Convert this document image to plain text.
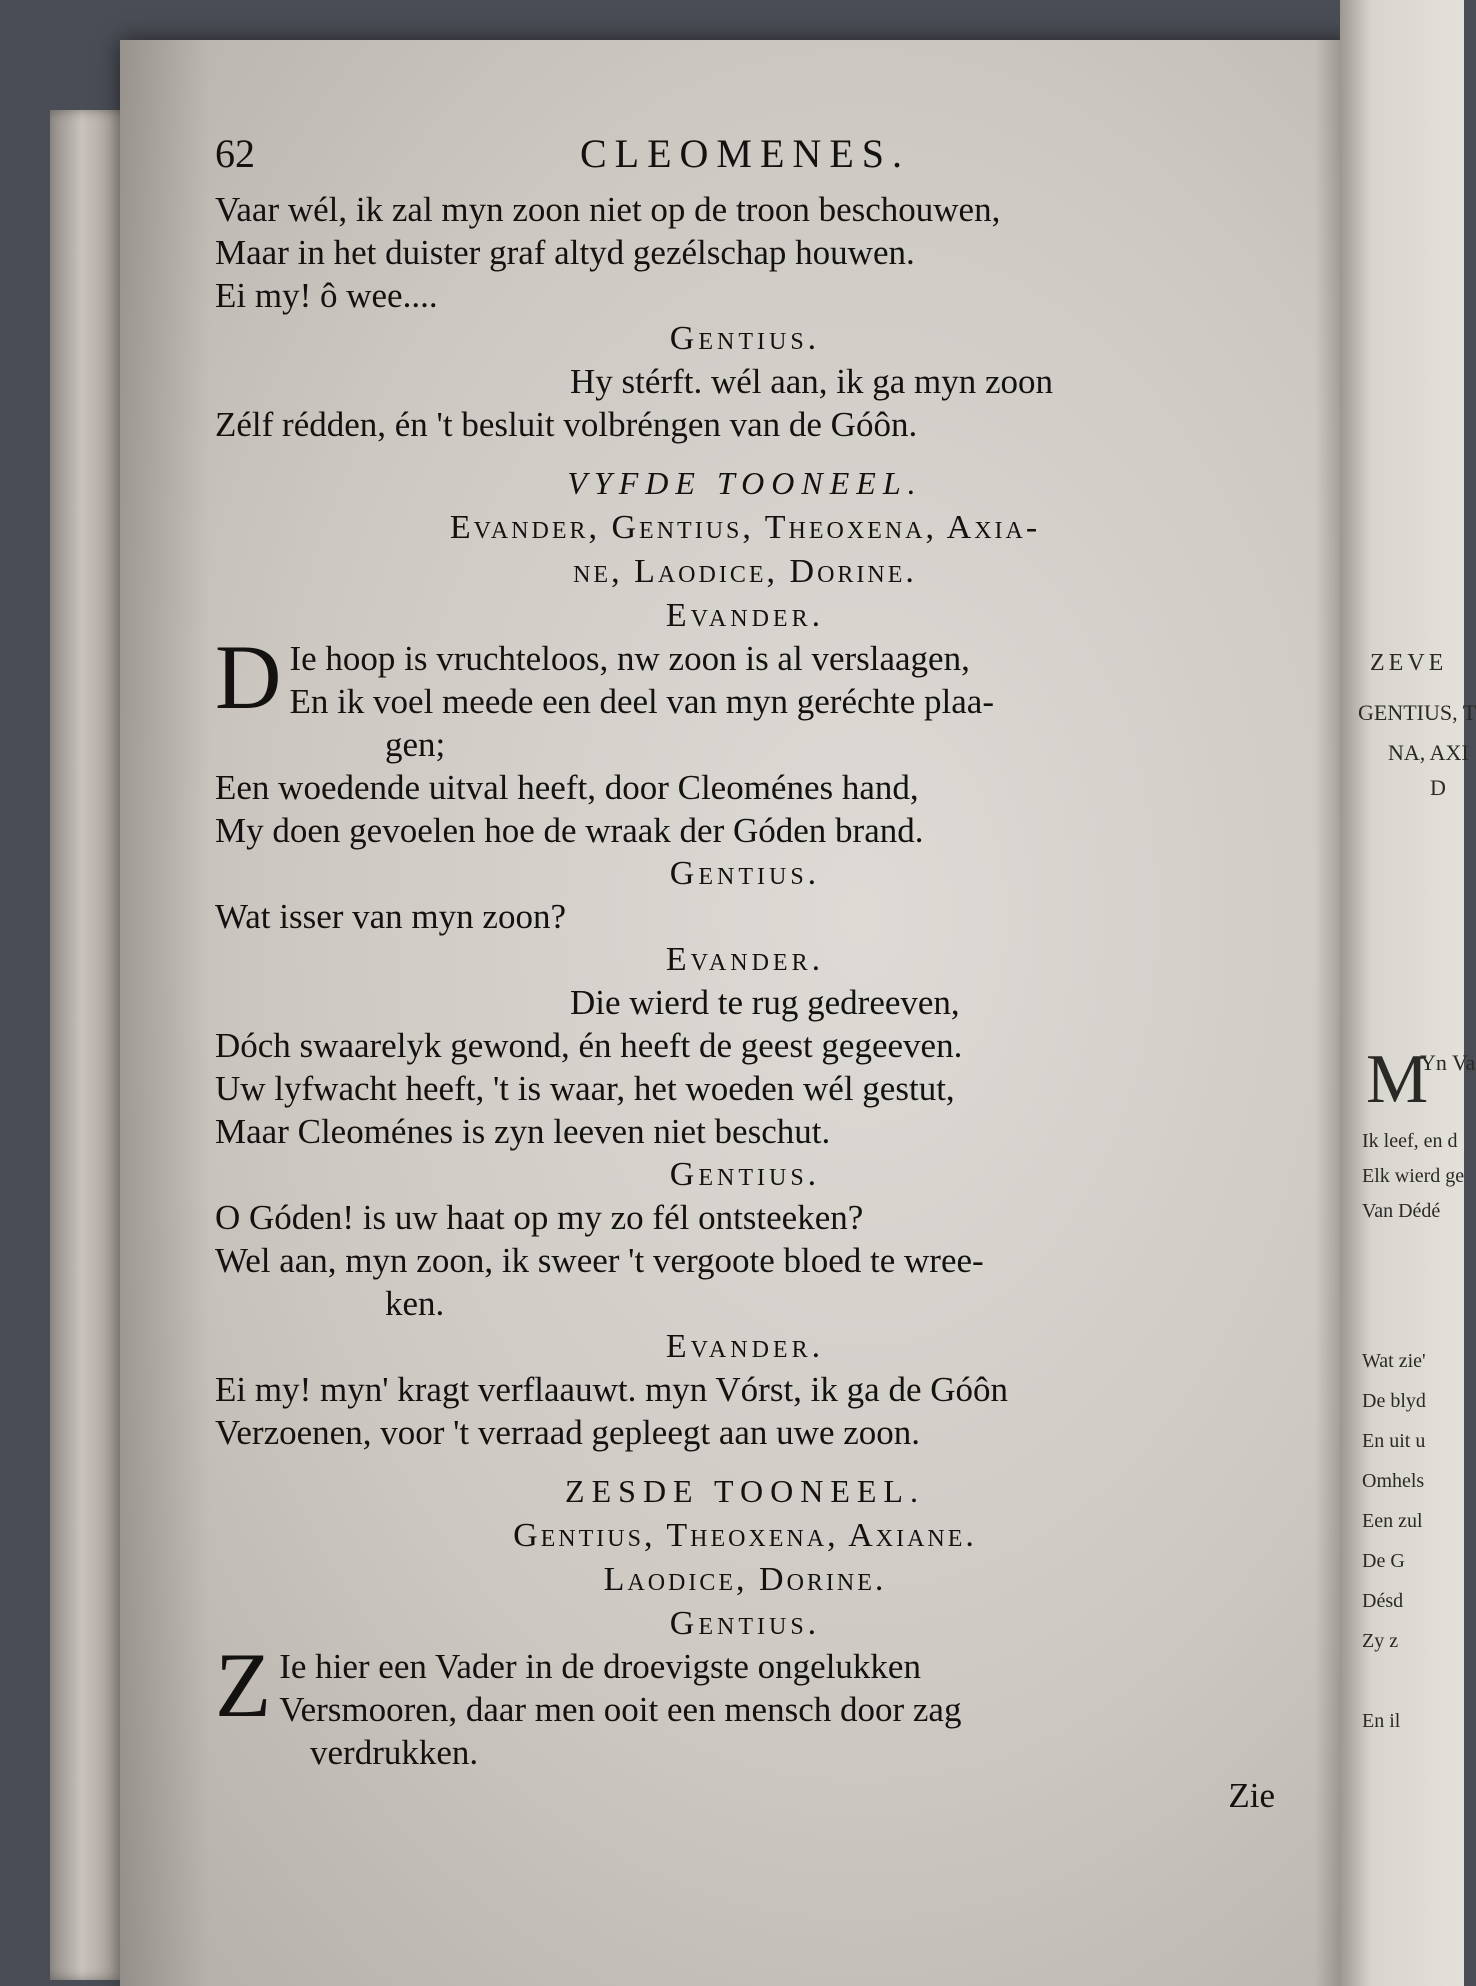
ZEVE
GENTIUS, T
NA, AXI
D
M
Yn Va
Ik leef, en d
Elk wierd ge
Van Dédé
Wat zie'
De blyd
En uit u
Omhels
Een zul
De G
Désd
Zy z
En il
62	CLEOMENES.
Vaar wél, ik zal myn zoon niet op de troon beschouwen,
Maar in het duister graf altyd gezélschap houwen.
Ei my! ô wee....
Gentius.
Hy stérft. wél aan, ik ga myn zoon
Zélf rédden, én 't besluit volbréngen van de Góôn.
VYFDE TOONEEL.
Evander, Gentius, Theoxena, Axia-
ne, Laodice, Dorine.
Evander.
D Ie hoop is vruchteloos, nw zoon is al verslaagen,
En ik voel meede een deel van myn geréchte plaa-
gen;
Een woedende uitval heeft, door Cleoménes hand,
My doen gevoelen hoe de wraak der Góden brand.
Gentius.
Wat isser van myn zoon?
Evander.
Die wierd te rug gedreeven,
Dóch swaarelyk gewond, én heeft de geest gegeeven.
Uw lyfwacht heeft, 't is waar, het woeden wél gestut,
Maar Cleoménes is zyn leeven niet beschut.
Gentius.
O Góden! is uw haat op my zo fél ontsteeken?
Wel aan, myn zoon, ik sweer 't vergoote bloed te wree-
ken.
Evander.
Ei my! myn' kragt verflaauwt. myn Vórst, ik ga de Góôn
Verzoenen, voor 't verraad gepleegt aan uwe zoon.
ZESDE TOONEEL.
Gentius, Theoxena, Axiane.
Laodice, Dorine.
Gentius.
Z Ie hier een Vader in de droevigste ongelukken
Versmooren, daar men ooit een mensch door zag
verdrukken.
Zie
